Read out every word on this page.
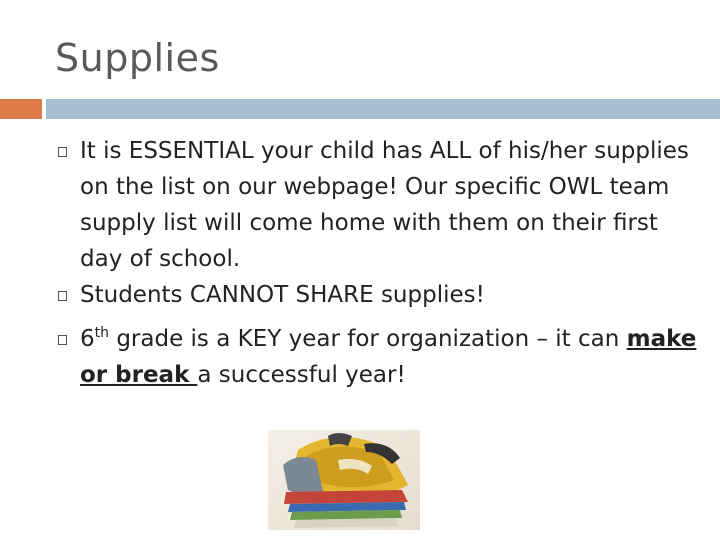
Supplies
It is ESSENTIAL your child has ALL of his/her supplies on the list on our webpage! Our specific OWL team supply list will come home with them on their first day of school.
Students CANNOT SHARE supplies!
6th grade is a KEY year for organization – it can make or break a successful year!
